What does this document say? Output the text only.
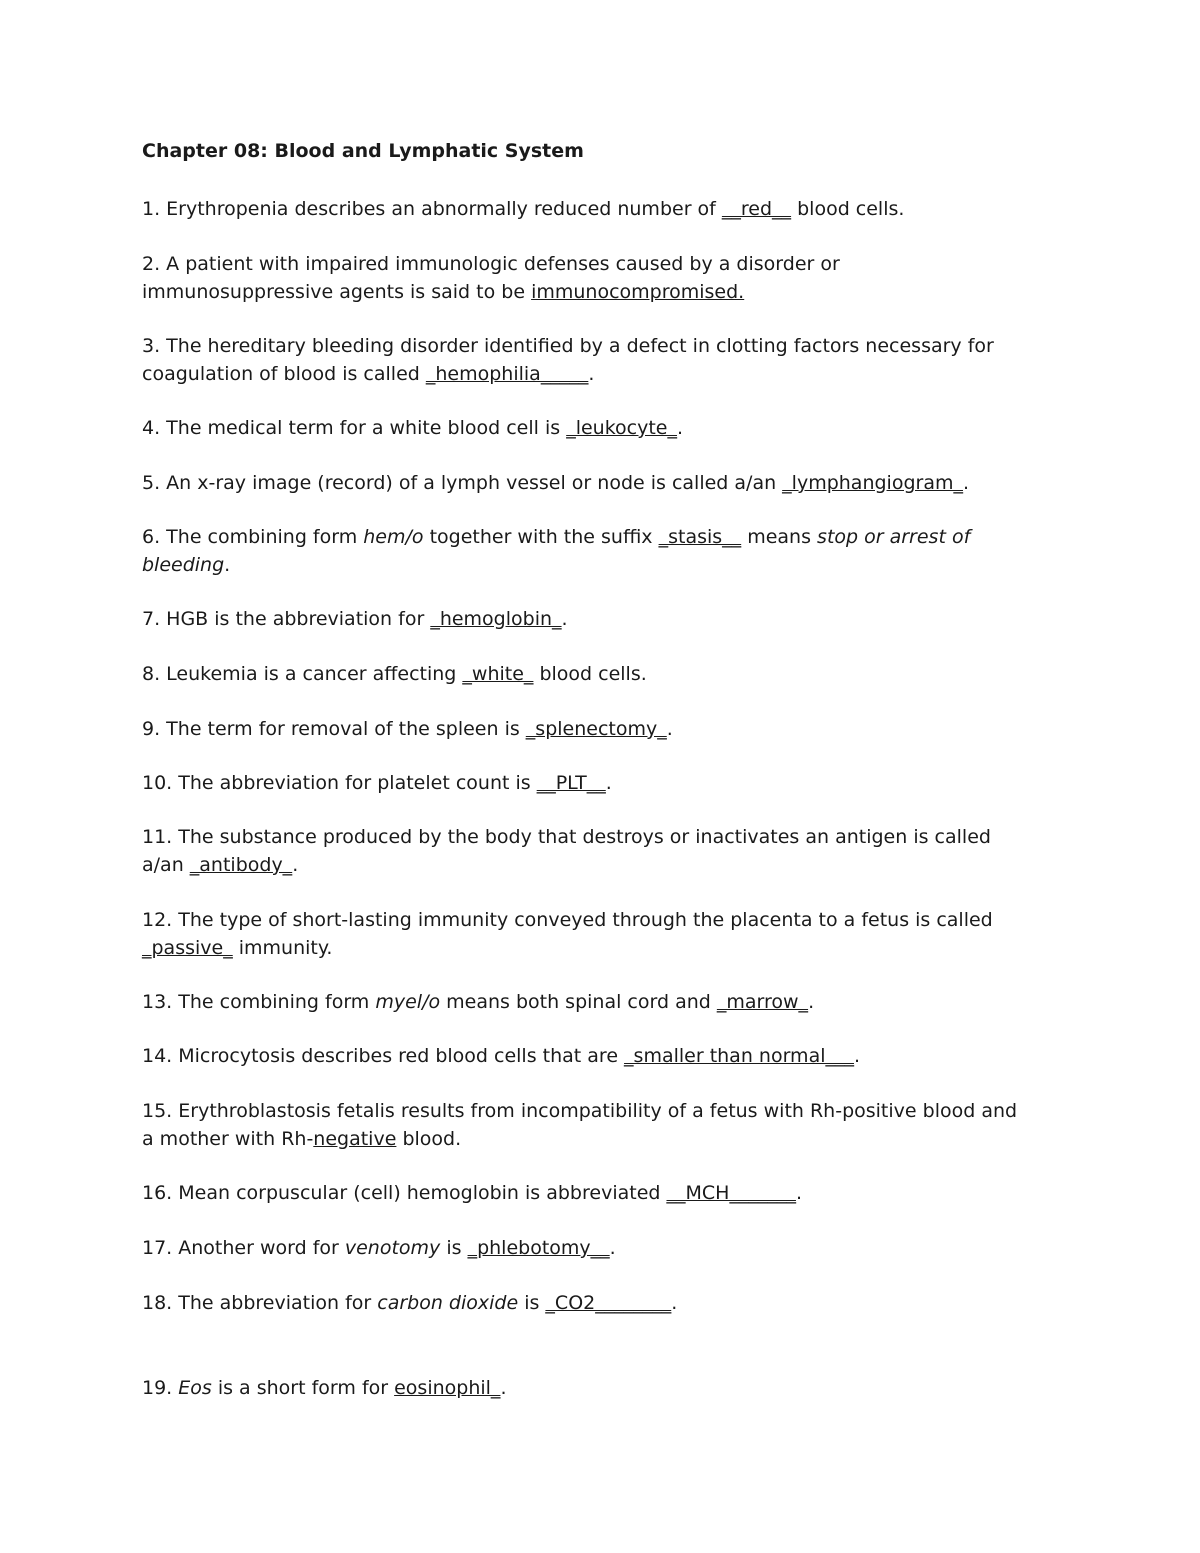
Chapter 08: Blood and Lymphatic System
1. Erythropenia describes an abnormally reduced number of __red__ blood cells.
2. A patient with impaired immunologic defenses caused by a disorder or
immunosuppressive agents is said to be immunocompromised.
3. The hereditary bleeding disorder identified by a defect in clotting factors necessary for
coagulation of blood is called _hemophilia_____.
4. The medical term for a white blood cell is _leukocyte_.
5. An x-ray image (record) of a lymph vessel or node is called a/an _lymphangiogram_.
6. The combining form hem/o together with the suffix _stasis__ means stop or arrest of
bleeding.
7. HGB is the abbreviation for _hemoglobin_.
8. Leukemia is a cancer affecting _white_ blood cells.
9. The term for removal of the spleen is _splenectomy_.
10. The abbreviation for platelet count is __PLT__.
11. The substance produced by the body that destroys or inactivates an antigen is called
a/an _antibody_.
12. The type of short-lasting immunity conveyed through the placenta to a fetus is called
_passive_ immunity.
13. The combining form myel/o means both spinal cord and _marrow_.
14. Microcytosis describes red blood cells that are _smaller than normal___.
15. Erythroblastosis fetalis results from incompatibility of a fetus with Rh-positive blood and
a mother with Rh-negative blood.
16. Mean corpuscular (cell) hemoglobin is abbreviated __MCH_______.
17. Another word for venotomy is _phlebotomy__.
18. The abbreviation for carbon dioxide is _CO2________.
19. Eos is a short form for eosinophil_.
